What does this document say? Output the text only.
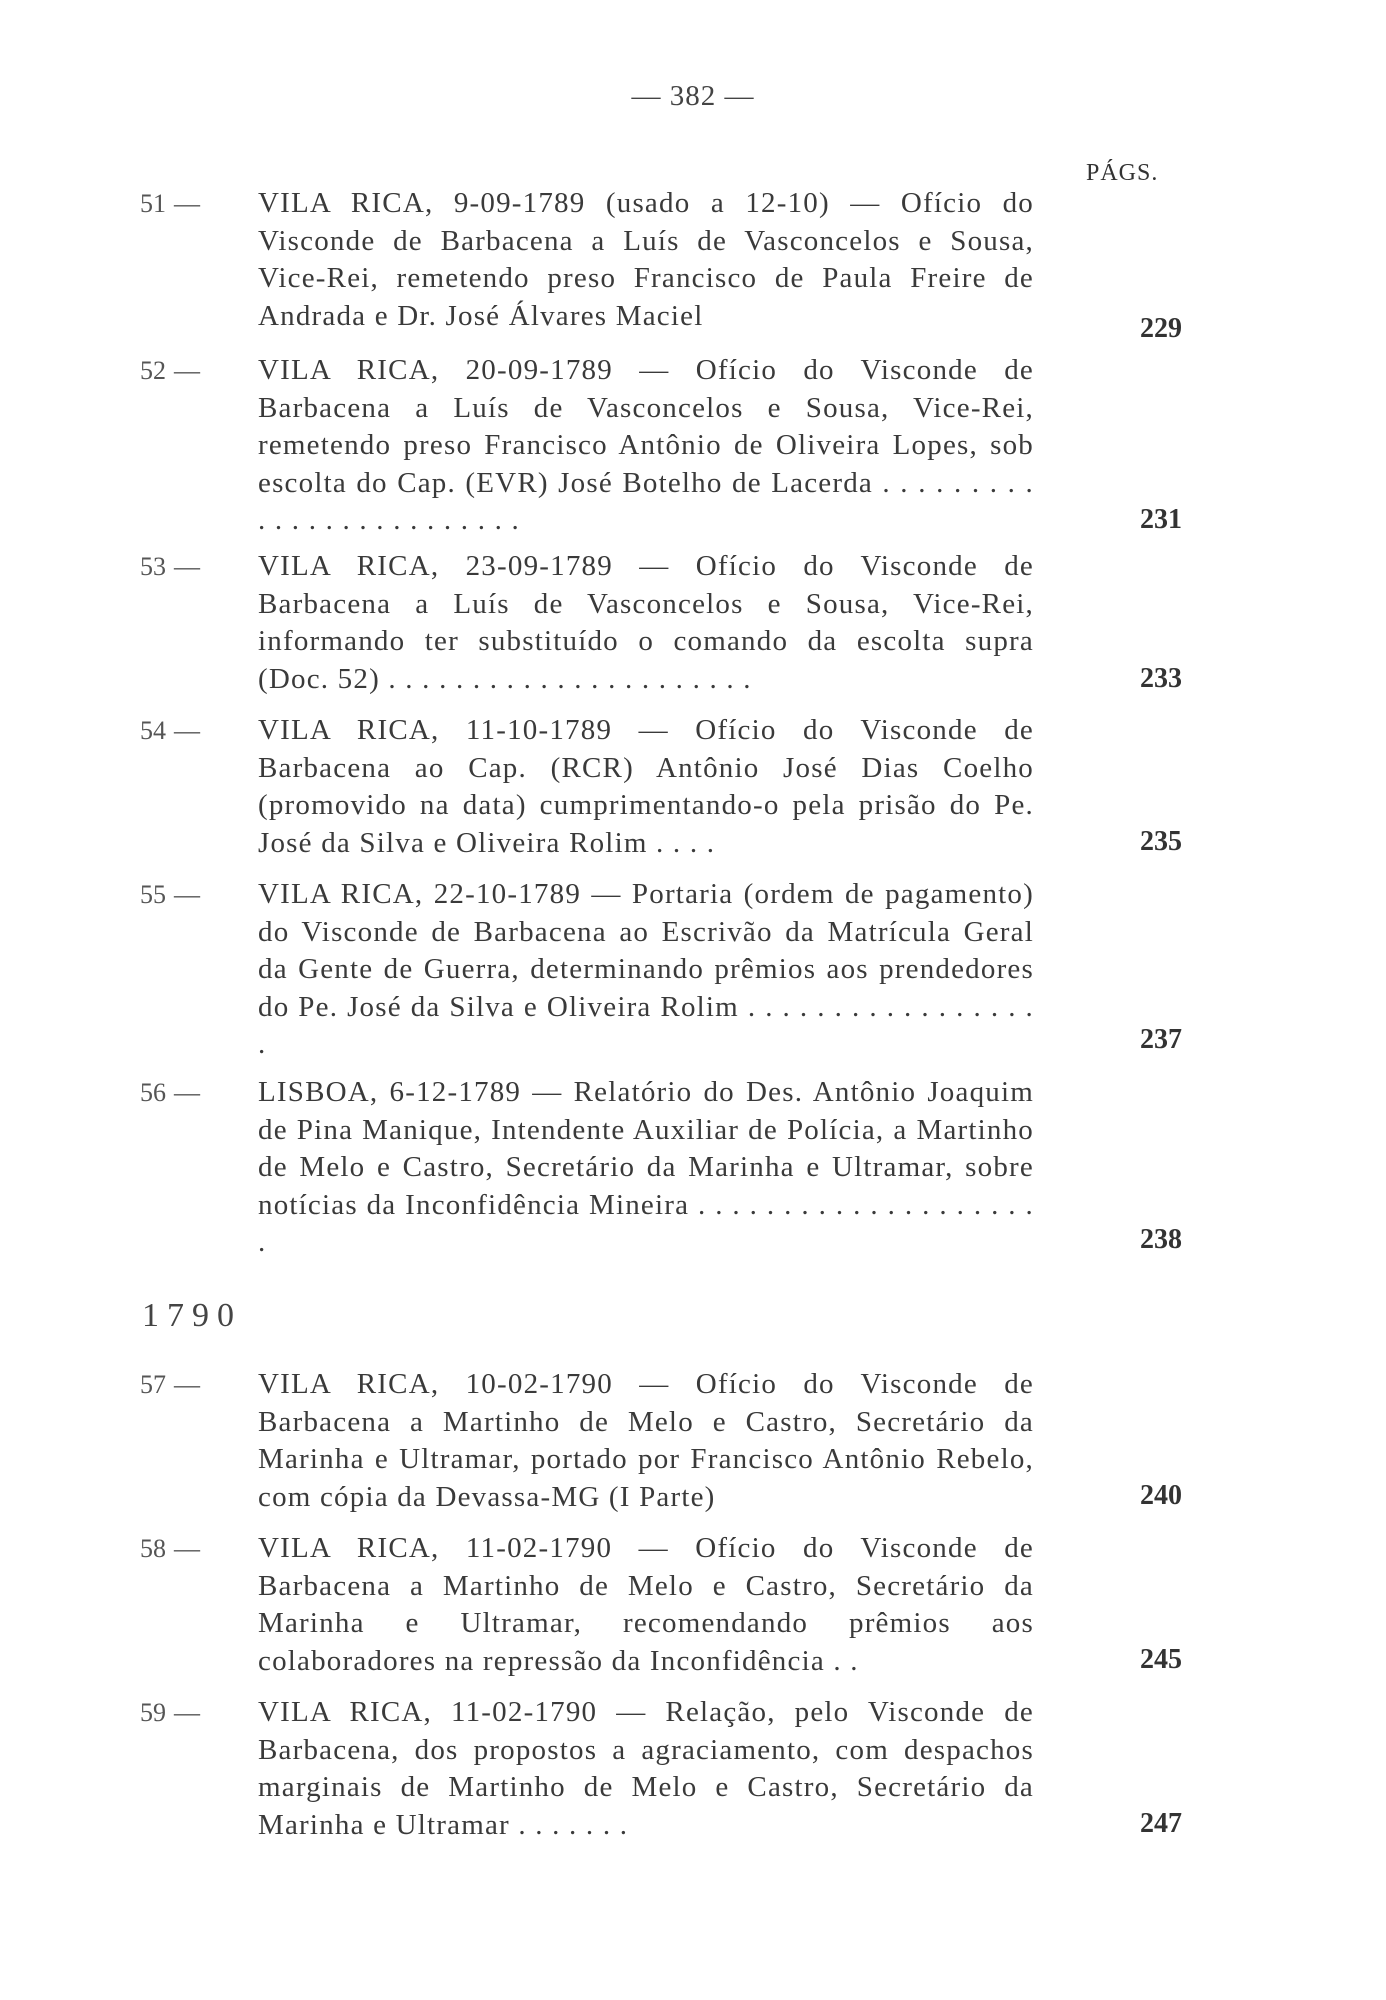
— 382 —
PÁGS.
51 —	VILA RICA, 9-09-1789 (usado a 12-10) — Ofício do Visconde de Barbacena a Luís de Vasconcelos e Sousa, Vice-Rei, remetendo preso Francisco de Paula Freire de Andrada e Dr. José Álvares Maciel	229
52 —	VILA RICA, 20-09-1789 — Ofício do Visconde de Barbacena a Luís de Vasconcelos e Sousa, Vice-Rei, remetendo preso Francisco Antônio de Oliveira Lopes, sob escolta do Cap. (EVR) José Botelho de Lacerda . . . . . . . . . . . . . . . . . . . . . . . . .	231
53 —	VILA RICA, 23-09-1789 — Ofício do Visconde de Barbacena a Luís de Vasconcelos e Sousa, Vice-Rei, informando ter substituído o comando da escolta supra (Doc. 52) . . . . . . . . . . . . . . . . . . . . . .	233
54 —	VILA RICA, 11-10-1789 — Ofício do Visconde de Barbacena ao Cap. (RCR) Antônio José Dias Coelho (promovido na data) cumprimentando-o pela prisão do Pe. José da Silva e Oliveira Rolim . . . .	235
55 —	VILA RICA, 22-10-1789 — Portaria (ordem de pagamento) do Visconde de Barbacena ao Escrivão da Matrícula Geral da Gente de Guerra, determinando prêmios aos prendedores do Pe. José da Silva e Oliveira Rolim . . . . . . . . . . . . . . . . . .	237
56 —	LISBOA, 6-12-1789 — Relatório do Des. Antônio Joaquim de Pina Manique, Intendente Auxiliar de Polícia, a Martinho de Melo e Castro, Secretário da Marinha e Ultramar, sobre notícias da Inconfidência Mineira . . . . . . . . . . . . . . . . . . . . .	238
1790
57 —	VILA RICA, 10-02-1790 — Ofício do Visconde de Barbacena a Martinho de Melo e Castro, Secretário da Marinha e Ultramar, portado por Francisco Antônio Rebelo, com cópia da Devassa-MG (I Parte)	240
58 —	VILA RICA, 11-02-1790 — Ofício do Visconde de Barbacena a Martinho de Melo e Castro, Secretário da Marinha e Ultramar, recomendando prêmios aos colaboradores na repressão da Inconfidência . .	245
59 —	VILA RICA, 11-02-1790 — Relação, pelo Visconde de Barbacena, dos propostos a agraciamento, com despachos marginais de Martinho de Melo e Castro, Secretário da Marinha e Ultramar . . . . . . .	247
